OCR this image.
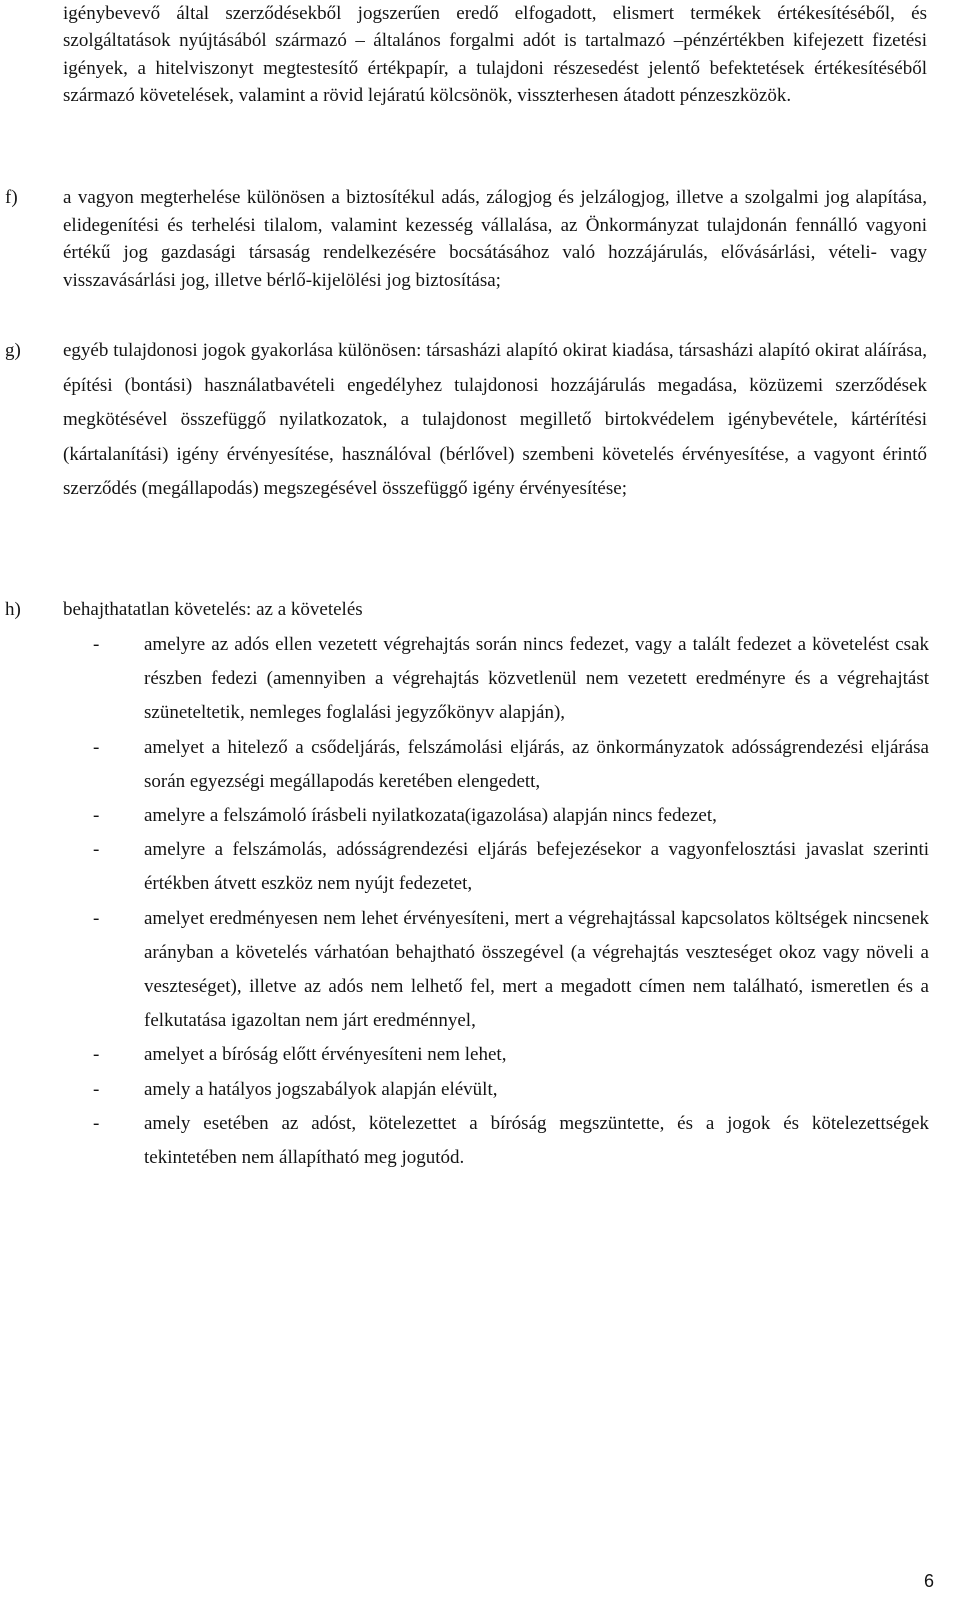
igénybevevő által szerződésekből jogszerűen eredő elfogadott, elismert termékek értékesítéséből, és szolgáltatások nyújtásából származó – általános forgalmi adót is tartalmazó –pénzértékben kifejezett fizetési igények, a hitelviszonyt megtestesítő értékpapír, a tulajdoni részesedést jelentő befektetések értékesítéséből származó követelések, valamint a rövid lejáratú kölcsönök, visszterhesen átadott pénzeszközök.

f) a vagyon megterhelése különösen a biztosítékul adás, zálogjog és jelzálogjog, illetve a szolgalmi jog alapítása, elidegenítési és terhelési tilalom, valamint kezesség vállalása, az Önkormányzat tulajdonán fennálló vagyoni értékű jog gazdasági társaság rendelkezésére bocsátásához való hozzájárulás, elővásárlási, vételi- vagy visszavásárlási jog, illetve bérlő-kijelölési jog biztosítása;
g) egyéb tulajdonosi jogok gyakorlása különösen: társasházi alapító okirat kiadása, társasházi alapító okirat aláírása, építési (bontási) használatbavételi engedélyhez tulajdonosi hozzájárulás megadása, közüzemi szerződések megkötésével összefüggő nyilatkozatok, a tulajdonost megillető birtokvédelem igénybevétele, kártérítési (kártalanítási) igény érvényesítése, használóval (bérlővel) szembeni követelés érvényesítése, a vagyont érintő szerződés (megállapodás) megszegésével összefüggő igény érvényesítése;
h) behajthatatlan követelés: az a követelés
- amelyre az adós ellen vezetett végrehajtás során nincs fedezet, vagy a talált fedezet a követelést csak részben fedezi (amennyiben a végrehajtás közvetlenül nem vezetett eredményre és a végrehajtást szüneteltetik, nemleges foglalási jegyzőkönyv alapján),
- amelyet a hitelező a csődeljárás, felszámolási eljárás, az önkormányzatok adósságrendezési eljárása során egyezségi megállapodás keretében elengedett,
- amelyre a felszámoló írásbeli nyilatkozata(igazolása) alapján nincs fedezet,
- amelyre a felszámolás, adósságrendezési eljárás befejezésekor a vagyonfelosztási javaslat szerinti értékben átvett eszköz nem nyújt fedezetet,
- amelyet eredményesen nem lehet érvényesíteni, mert a végrehajtással kapcsolatos költségek nincsenek arányban a követelés várhatóan behajtható összegével (a végrehajtás veszteséget okoz vagy növeli a veszteséget), illetve az adós nem lelhető fel, mert a megadott címen nem található, ismeretlen és a felkutatása igazoltan nem járt eredménnyel,
- amelyet a bíróság előtt érvényesíteni nem lehet,
- amely a hatályos jogszabályok alapján elévült,
- amely esetében az adóst, kötelezettet a bíróság megszüntette, és a jogok és kötelezettségek tekintetében nem állapítható meg jogutód.
6
